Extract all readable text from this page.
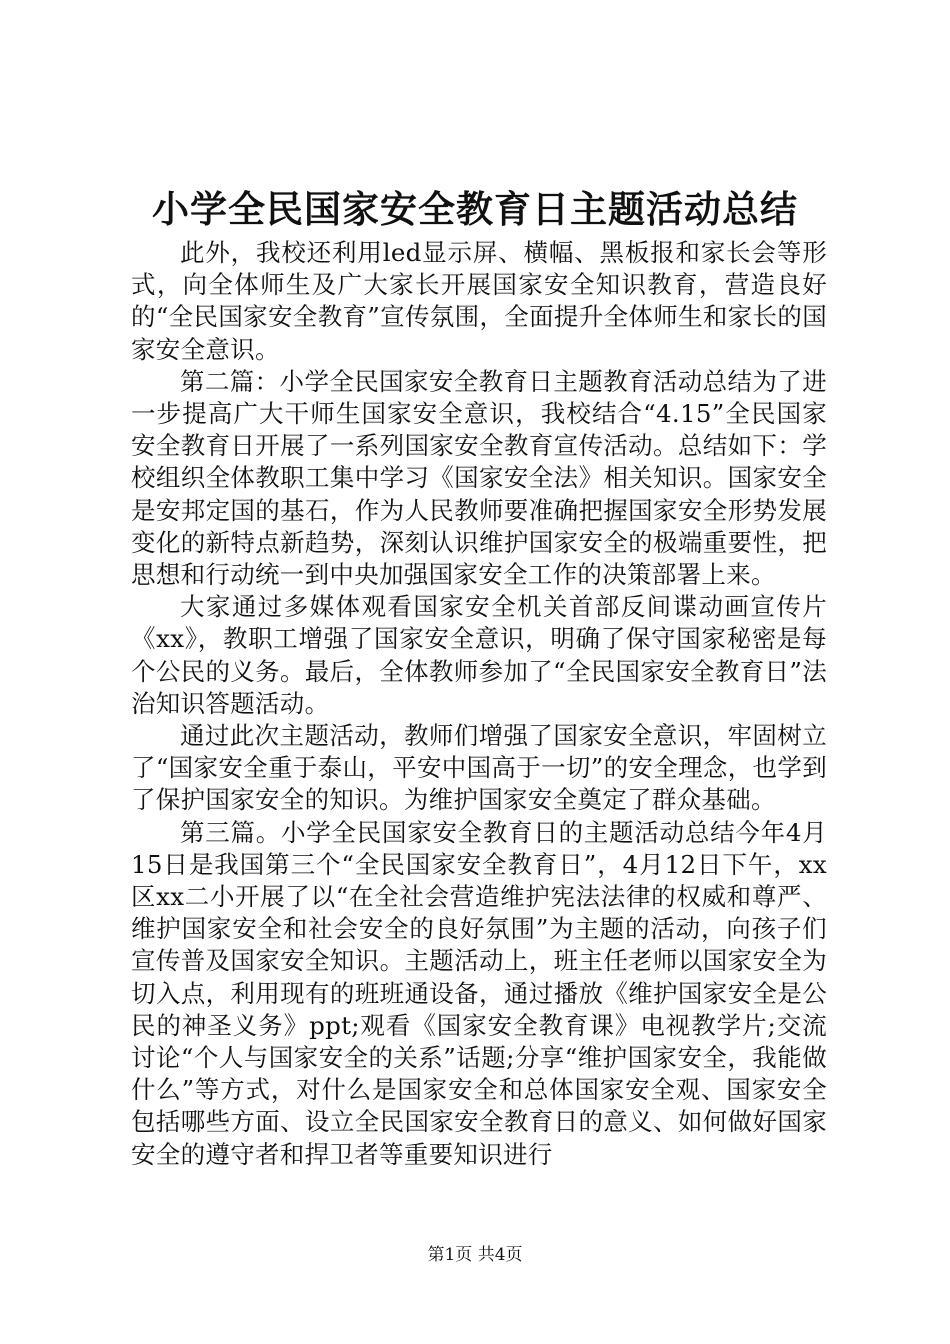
小学全民国家安全教育日主题活动总结

此外，我校还利用led显示屏、横幅、黑板报和家长会等形式，向全体师生及广大家长开展国家安全知识教育，营造良好的“全民国家安全教育”宣传氛围，全面提升全体师生和家长的国家安全意识。

第二篇：小学全民国家安全教育日主题教育活动总结为了进一步提高广大干师生国家安全意识，我校结合“4.15”全民国家安全教育日开展了一系列国家安全教育宣传活动。总结如下：学校组织全体教职工集中学习《国家安全法》相关知识。国家安全是安邦定国的基石，作为人民教师要准确把握国家安全形势发展变化的新特点新趋势，深刻认识维护国家安全的极端重要性，把思想和行动统一到中央加强国家安全工作的决策部署上来。

大家通过多媒体观看国家安全机关首部反间谍动画宣传片《xx》，教职工增强了国家安全意识，明确了保守国家秘密是每个公民的义务。最后，全体教师参加了“全民国家安全教育日”法治知识答题活动。

通过此次主题活动，教师们增强了国家安全意识，牢固树立了“国家安全重于泰山，平安中国高于一切”的安全理念，也学到了保护国家安全的知识。为维护国家安全奠定了群众基础。

第三篇。小学全民国家安全教育日的主题活动总结今年4月15日是我国第三个“全民国家安全教育日”，4月12日下午，xx区xx二小开展了以“在全社会营造维护宪法法律的权威和尊严、维护国家安全和社会安全的良好氛围”为主题的活动，向孩子们宣传普及国家安全知识。主题活动上，班主任老师以国家安全为切入点，利用现有的班班通设备，通过播放《维护国家安全是公民的神圣义务》ppt;观看《国家安全教育课》电视教学片;交流讨论“个人与国家安全的关系”话题;分享“维护国家安全，我能做什么”等方式，对什么是国家安全和总体国家安全观、国家安全包括哪些方面、设立全民国家安全教育日的意义、如何做好国家安全的遵守者和捍卫者等重要知识进行

第1页 共4页
